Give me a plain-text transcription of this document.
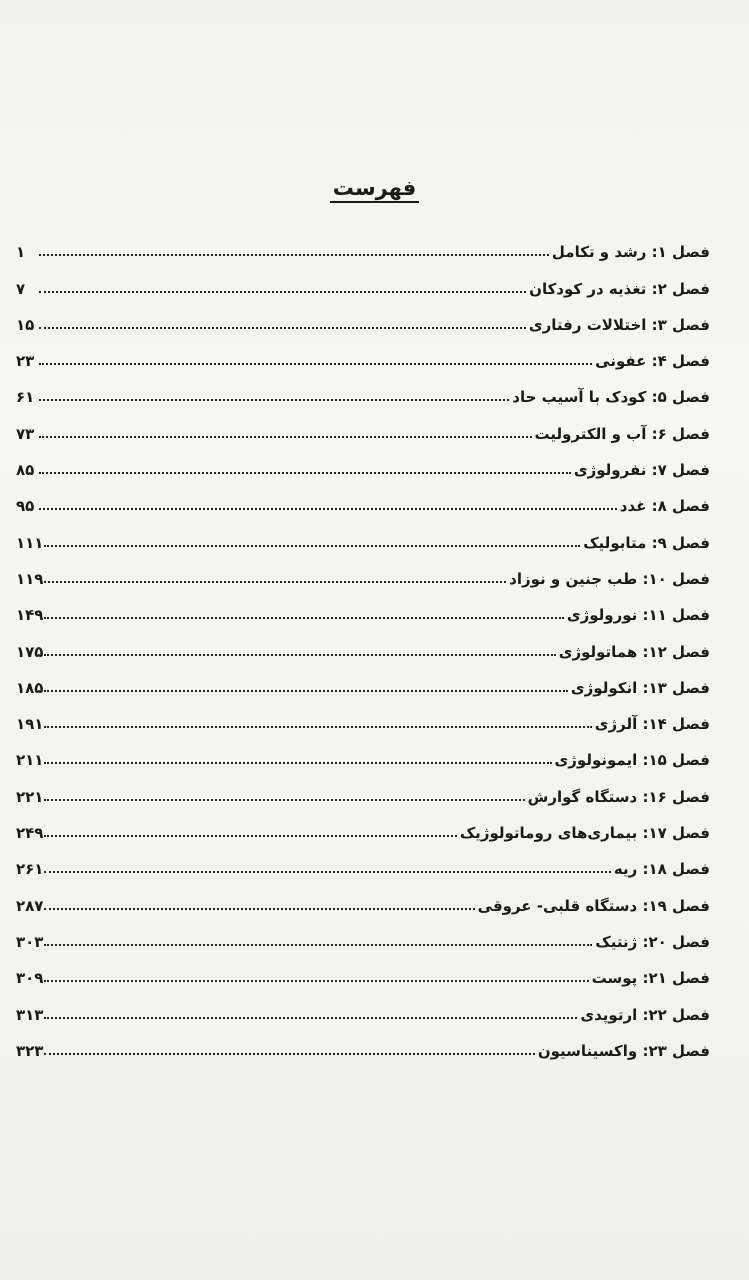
فهرست
فصل ۱: رشد و تکامل
۱
فصل ۲: تغذیه در کودکان
۷
فصل ۳: اختلالات رفتاری
۱۵
فصل ۴: عفونی
۲۳
فصل ۵: کودک با آسیب حاد
۶۱
فصل ۶: آب و الکترولیت
۷۳
فصل ۷: نفرولوژی
۸۵
فصل ۸: غدد
۹۵
فصل ۹: متابولیک
۱۱۱
فصل ۱۰: طب جنین و نوزاد
۱۱۹
فصل ۱۱: نورولوژی
۱۴۹
فصل ۱۲: هماتولوژی
۱۷۵
فصل ۱۳: انکولوژی
۱۸۵
فصل ۱۴: آلرژی
۱۹۱
فصل ۱۵: ایمونولوژی
۲۱۱
فصل ۱۶: دستگاه گوارش
۲۲۱
فصل ۱۷: بیماری‌های روماتولوژیک
۲۴۹
فصل ۱۸: ریه
۲۶۱
فصل ۱۹: دستگاه قلبی- عروقی
۲۸۷
فصل ۲۰: ژنتیک
۳۰۳
فصل ۲۱: پوست
۳۰۹
فصل ۲۲: ارتوپدی
۳۱۳
فصل ۲۳: واکسیناسیون
۳۲۳
